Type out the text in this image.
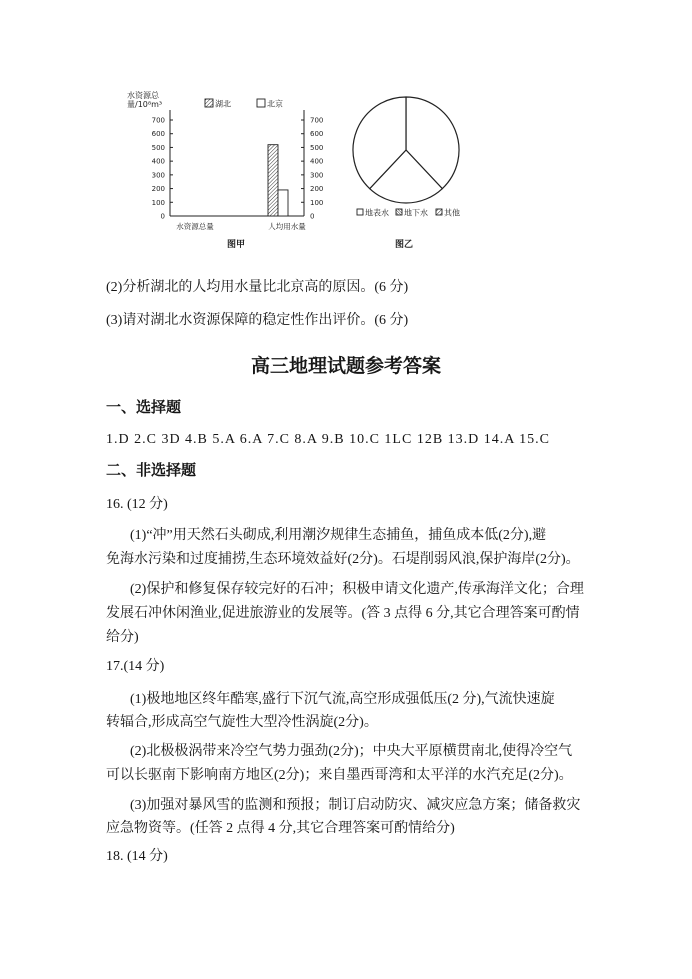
水资源总
量/10⁸m³
0
100
200
300
400
500
600
700
0
100
200
300
400
500
600
700
水资源总量	人均用水量
湖北	北京
图甲
地表水 地下水 其他
图乙
(2)分析湖北的人均用水量比北京高的原因。(6 分)
(3)请对湖北水资源保障的稳定性作出评价。(6 分)
高三地理试题参考答案
一、选择题
1.D 2.C 3D 4.B 5.A 6.A 7.C 8.A 9.B 10.C 1LC 12B 13.D 14.A 15.C
二、非选择题
16. (12 分)
(1)“冲”用天然石头砌成,利用潮汐规律生态捕鱼，捕鱼成本低(2分),避
免海水污染和过度捕捞,生态环境效益好(2分)。石堤削弱风浪,保护海岸(2分)。
(2)保护和修复保存较完好的石冲；积极申请文化遗产,传承海洋文化；合理
发展石冲休闲渔业,促进旅游业的发展等。(答 3 点得 6 分,其它合理答案可酌情
给分)
17.(14 分)
(1)极地地区终年酷寒,盛行下沉气流,高空形成强低压(2 分),气流快速旋
转辐合,形成高空气旋性大型冷性涡旋(2分)。
(2)北极极涡带来冷空气势力强劲(2分)；中央大平原横贯南北,使得冷空气
可以长驱南下影响南方地区(2分)；来自墨西哥湾和太平洋的水汽充足(2分)。
(3)加强对暴风雪的监测和预报；制订启动防灾、减灾应急方案；储备救灾
应急物资等。(任答 2 点得 4 分,其它合理答案可酌情给分)
18. (14 分)
